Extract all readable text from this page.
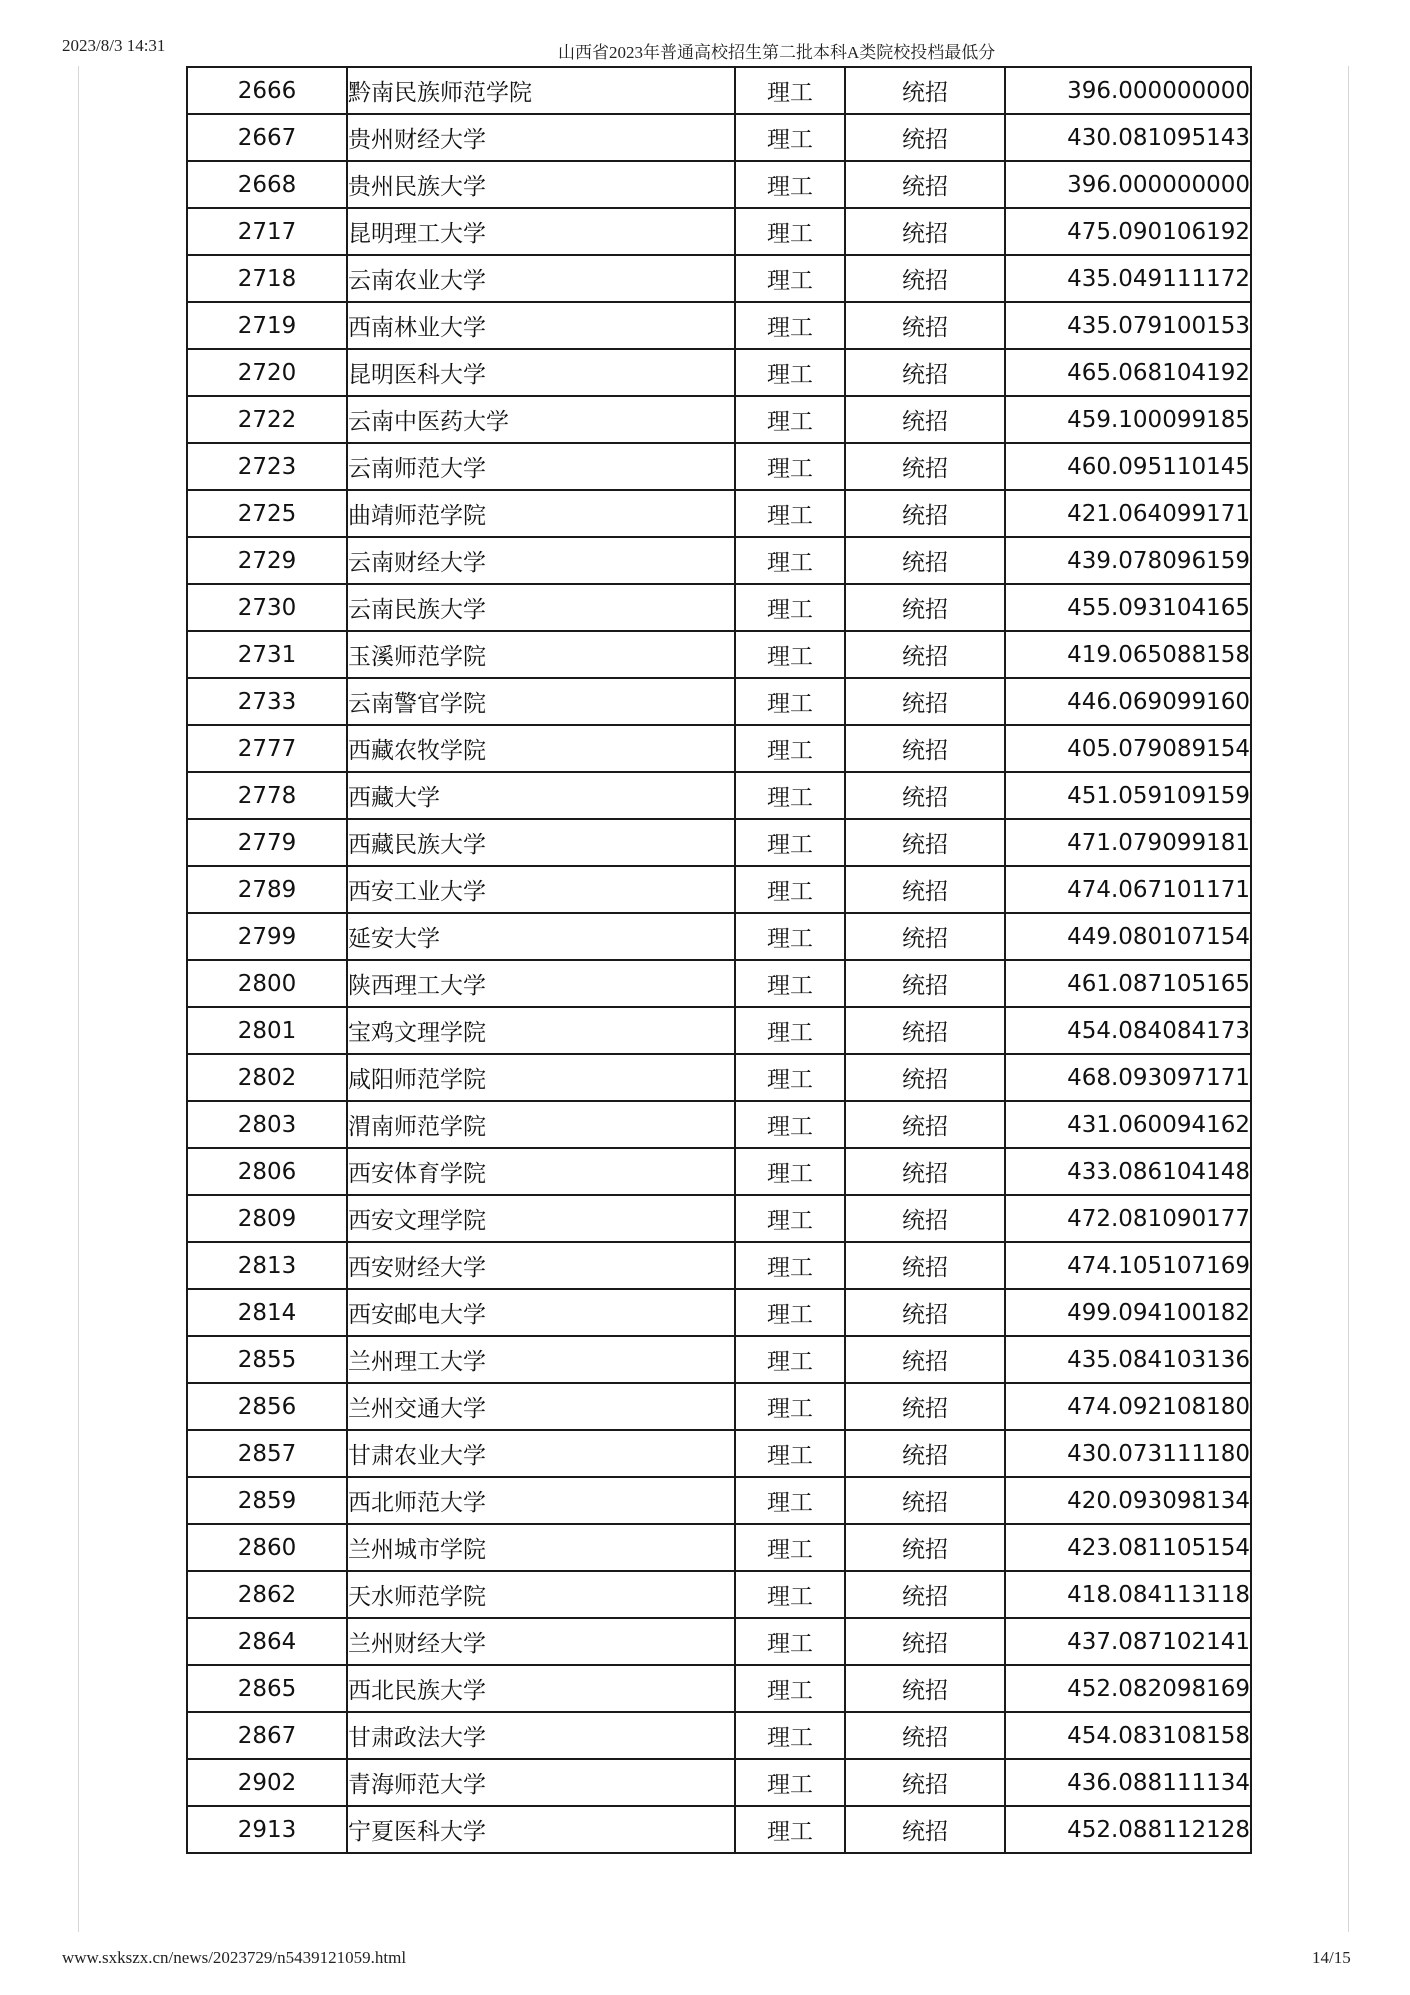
2023/8/3 14:31	山西省2023年普通高校招生第二批本科A类院校投档最低分
2666	黔南民族师范学院	理工	统招	396.000000000
2667	贵州财经大学	理工	统招	430.081095143
2668	贵州民族大学	理工	统招	396.000000000
2717	昆明理工大学	理工	统招	475.090106192
2718	云南农业大学	理工	统招	435.049111172
2719	西南林业大学	理工	统招	435.079100153
2720	昆明医科大学	理工	统招	465.068104192
2722	云南中医药大学	理工	统招	459.100099185
2723	云南师范大学	理工	统招	460.095110145
2725	曲靖师范学院	理工	统招	421.064099171
2729	云南财经大学	理工	统招	439.078096159
2730	云南民族大学	理工	统招	455.093104165
2731	玉溪师范学院	理工	统招	419.065088158
2733	云南警官学院	理工	统招	446.069099160
2777	西藏农牧学院	理工	统招	405.079089154
2778	西藏大学	理工	统招	451.059109159
2779	西藏民族大学	理工	统招	471.079099181
2789	西安工业大学	理工	统招	474.067101171
2799	延安大学	理工	统招	449.080107154
2800	陕西理工大学	理工	统招	461.087105165
2801	宝鸡文理学院	理工	统招	454.084084173
2802	咸阳师范学院	理工	统招	468.093097171
2803	渭南师范学院	理工	统招	431.060094162
2806	西安体育学院	理工	统招	433.086104148
2809	西安文理学院	理工	统招	472.081090177
2813	西安财经大学	理工	统招	474.105107169
2814	西安邮电大学	理工	统招	499.094100182
2855	兰州理工大学	理工	统招	435.084103136
2856	兰州交通大学	理工	统招	474.092108180
2857	甘肃农业大学	理工	统招	430.073111180
2859	西北师范大学	理工	统招	420.093098134
2860	兰州城市学院	理工	统招	423.081105154
2862	天水师范学院	理工	统招	418.084113118
2864	兰州财经大学	理工	统招	437.087102141
2865	西北民族大学	理工	统招	452.082098169
2867	甘肃政法大学	理工	统招	454.083108158
2902	青海师范大学	理工	统招	436.088111134
2913	宁夏医科大学	理工	统招	452.088112128
www.sxkszx.cn/news/2023729/n5439121059.html	14/15
